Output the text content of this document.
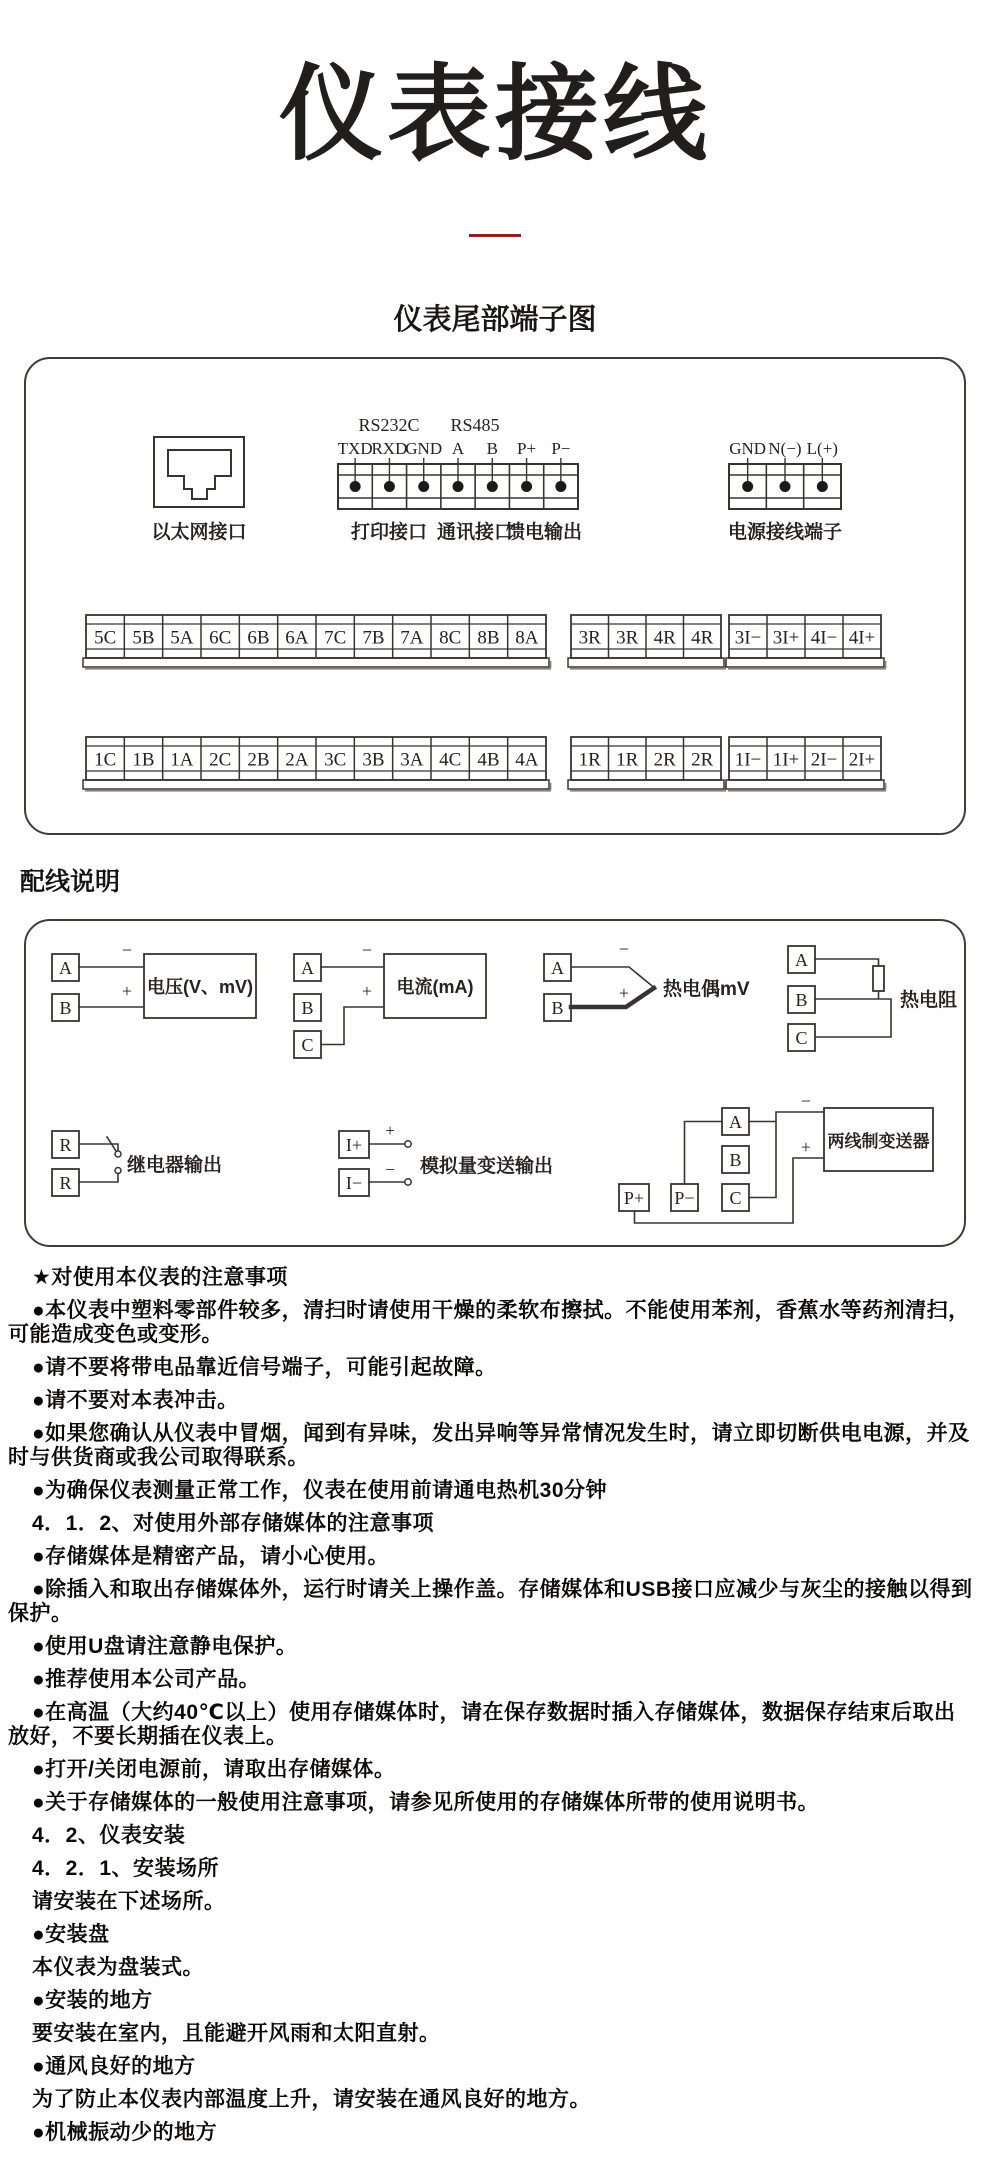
仪表接线
仪表尾部端子图
以太网接口
RS232C RS485
打印接口 通讯接口
馈电输出	电源接线端子
TXD
RXD
GND A B P+ P−	GND N(−) L(+)
5C 5B 5A 6C 6B 6A 7C 7B 7A 8C 8B 8A 3R 3R 4R 4R 3I− 3I+ 4I− 4I+
1C 1B 1A 2C 2B 2A 3C 3B 3A 4C 4B 4A 1R 1R 2R 2R 1I− 1I+ 2I− 2I+
配线说明
A
B
−
+ 电压(V、mV)
A
B
C
−
+ 电流(mA)
A
B
−
+ 热电偶mV
A
B
C
热电阻
R
R
继电器输出
I+
I−
+
− 模拟量变送输出
A
B
C
P+ P−
−
+ 两线制变送器

★对使用本仪表的注意事项

●本仪表中塑料零部件较多，清扫时请使用干燥的柔软布擦拭。不能使用苯剂，香蕉水等药剂清扫，可能造成变色或变形。

●请不要将带电品靠近信号端子，可能引起故障。

●请不要对本表冲击。

●如果您确认从仪表中冒烟，闻到有异味，发出异响等异常情况发生时，请立即切断供电电源，并及时与供货商或我公司取得联系。

●为确保仪表测量正常工作，仪表在使用前请通电热机30分钟

4．1．2、对使用外部存储媒体的注意事项

●存储媒体是精密产品，请小心使用。

●除插入和取出存储媒体外，运行时请关上操作盖。存储媒体和USB接口应减少与灰尘的接触以得到保护。

●使用U盘请注意静电保护。

●推荐使用本公司产品。

●在高温（大约40℃以上）使用存储媒体时，请在保存数据时插入存储媒体，数据保存结束后取出放好，不要长期插在仪表上。

●打开/关闭电源前，请取出存储媒体。

●关于存储媒体的一般使用注意事项，请参见所使用的存储媒体所带的使用说明书。

4．2、仪表安装

4．2．1、安装场所

请安装在下述场所。

●安装盘

本仪表为盘装式。

●安装的地方

要安装在室内，且能避开风雨和太阳直射。

●通风良好的地方

为了防止本仪表内部温度上升，请安装在通风良好的地方。

●机械振动少的地方
